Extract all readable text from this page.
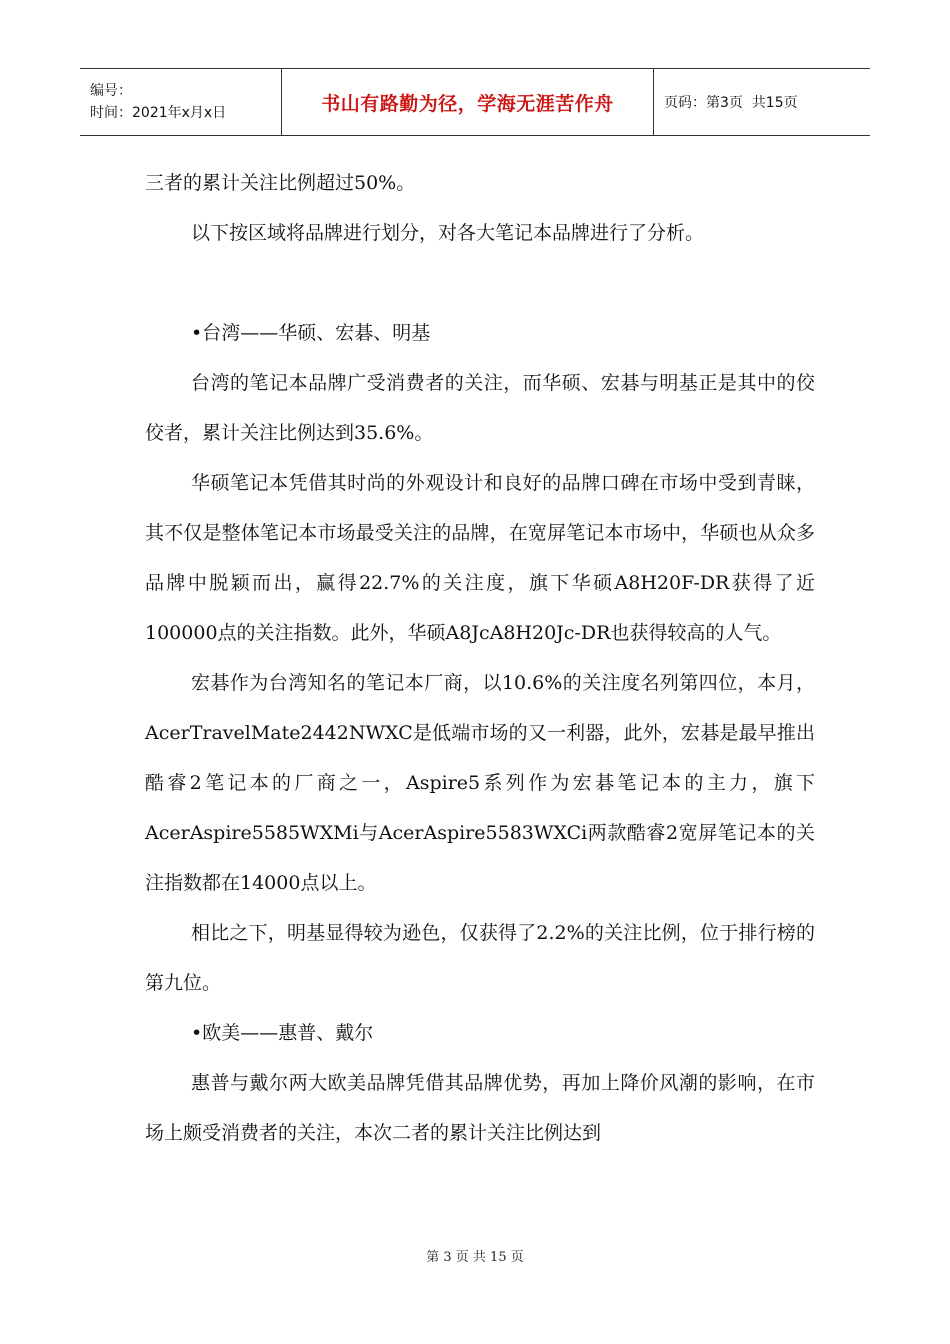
编号：
时间：2021年x月x日	书山有路勤为径，学海无涯苦作舟	页码：第3页  共15页

三者的累计关注比例超过50%。

以下按区域将品牌进行划分，对各大笔记本品牌进行了分析。

•台湾——华硕、宏碁、明基

台湾的笔记本品牌广受消费者的关注，而华硕、宏碁与明基正是其中的佼佼者，累计关注比例达到35.6%。

华硕笔记本凭借其时尚的外观设计和良好的品牌口碑在市场中受到青睐，其不仅是整体笔记本市场最受关注的品牌，在宽屏笔记本市场中，华硕也从众多品牌中脱颖而出，赢得22.7%的关注度，旗下华硕A8H20F-DR获得了近100000点的关注指数。此外，华硕A8JcA8H20Jc-DR也获得较高的人气。

宏碁作为台湾知名的笔记本厂商，以10.6%的关注度名列第四位，本月，AcerTravelMate2442NWXC是低端市场的又一利器，此外，宏碁是最早推出酷睿2笔记本的厂商之一，Aspire5系列作为宏碁笔记本的主力，旗下AcerAspire5585WXMi与AcerAspire5583WXCi两款酷睿2宽屏笔记本的关注指数都在14000点以上。

相比之下，明基显得较为逊色，仅获得了2.2%的关注比例，位于排行榜的第九位。

•欧美——惠普、戴尔

惠普与戴尔两大欧美品牌凭借其品牌优势，再加上降价风潮的影响，在市场上颇受消费者的关注，本次二者的累计关注比例达到

第 3 页 共 15 页
